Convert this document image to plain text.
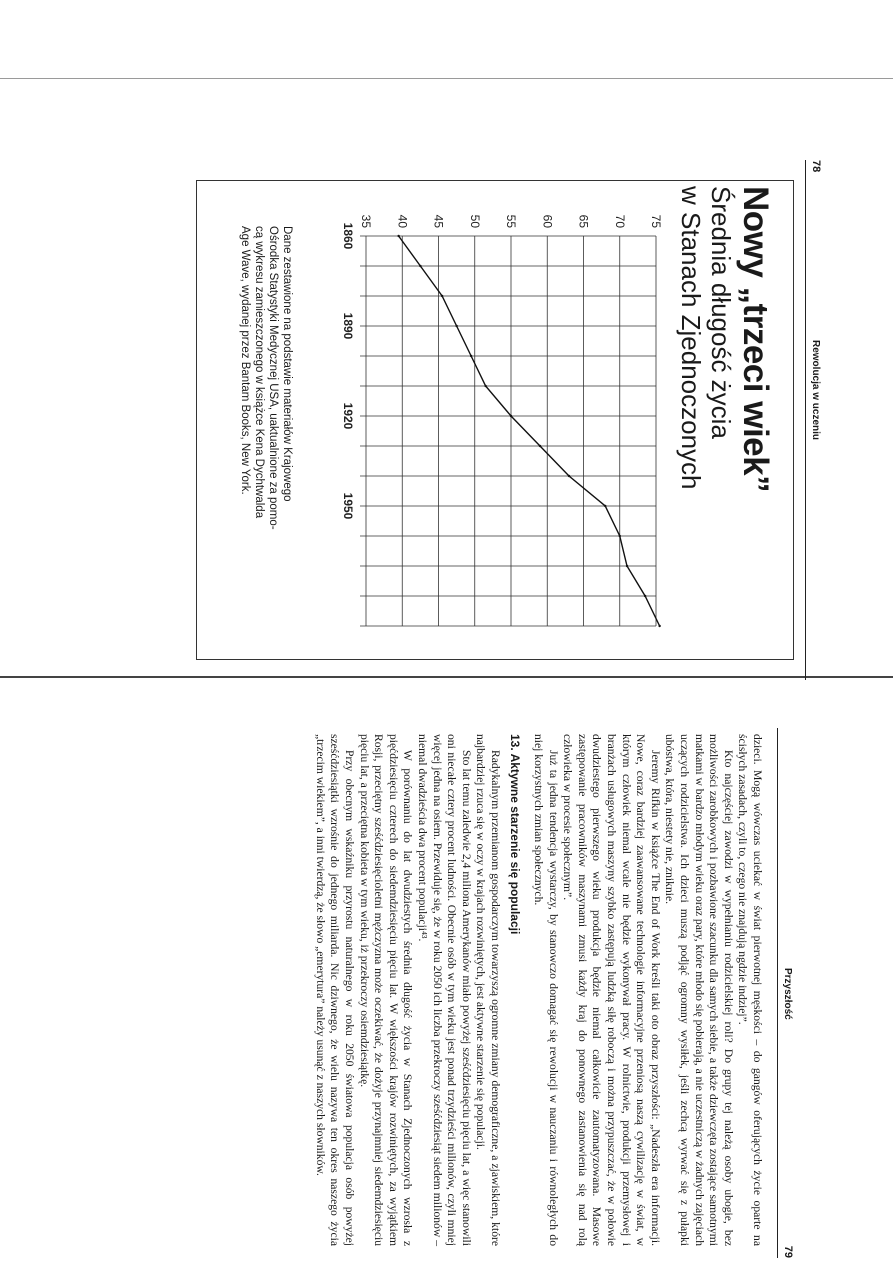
78
Rewolucja w uczeniu
Nowy „trzeci wiek”
Średnia długość życia
w Stanach Zjednoczonych
75
70
65
60
55
50
45
40
35
1860
1890
1920
1950
Dane zestawione na podstawie materiałów Krajowego
Ośrodka Statystyki Medycznej USA, uaktualnione za pomo-
cą wykresu zamieszczonego w książce Kena Dychtwalda
Age Wave, wydanej przez Bantam Books, New York.
Przyszłość
79

dzieci. Mogą wówczas uciekać w świat pierwotnej męskości – do gangów oferujących życie oparte na ścisłych zasadach, czyli to, czego nie znajdują ngdzie indziej”.

Kto najczęściej zawodzi w wypełnianiu rodzicielskiej roli? Do grupy tej należą osoby ubogie, bez możliwości zarobkowych i pozbawione szacunku dla samych siebie, a także dziewczęta zostające samotnymi matkami w bardzo młodym wieku oraz pary, które młodo się pobierają, a nie uczestniczą w żadnych zajęciach uczących rodzicielstwa. Ich dzieci muszą podjąć ogromny wysiłek, jeśli zechcą wyrwać się z pułapki ubóstwa, która, niestety nie, zniknie.

Jeremy Rifkin w książce The End of Work kreśli taki oto obraz przyszłości: „Nadeszła era informacji. Nowe, coraz bardziej zaawansowane technologie informacyjne przeniosą naszą cywilizację w świat, w którym człowiek niemal wcale nie będzie wykonywał pracy. W rolnictwie, produkcji przemysłowej i branżach usługowych maszyny szybko zastępują ludzką siłę roboczą i można przypuszczać, że w połowie dwudziestego pierwszego wieku produkcja będzie niemal całkowicie zautomatyzowana. Masowe zastępowanie pracowników maszynami zmusi każdy kraj do ponownego zastanowienia się nad rolą człowieka w procesie społecznym”.

Już ta jedna tendencja wystarczy, by stanowczo domagać się rewolucji w nauczaniu i równoległych do niej korzystnych zmian społecznych.

13. Aktywne starzenie się populacji

Radykalnym przemianom gospodarczym towarzyszą ogromne zmiany demograficzne, a zjawiskiem, które najbardziej rzuca się w oczy w krajach rozwiniętych, jest aktywne starzenie się populacji.

Sto lat temu zaledwie 2,4 miliona Amerykanów miało powyżej sześćdziesięciu pięciu lat, a więc stanowili oni niecałe cztery procent ludności. Obecnie osób w tym wieku jest ponad trzydzieści milionów, czyli mniej więcej jedna na osiem. Przewiduje się, że w roku 2050 ich liczba przekroczy sześćdziesiąt siedem milionów – niemal dwadzieścia dwa procent populacji⁴³.

W porównaniu do lat dwudziestych średnia długość życia w Stanach Zjednoczonych wzrosła z pięćdziesięciu czterech do siedemdziesięciu pięciu lat. W większości krajów rozwiniętych, za wyjątkiem Rosji, przeciętny sześćdziesięcioletni mężczyzna może oczekiwać, że dożyje przynajmniej siedemdziesięciu pięciu lat, a przeciętna kobieta w tym wieku, iż przekroczy osiemdziesiątkę.

Przy obecnym wskaźniku przyrostu naturalnego w roku 2050 światowa populacja osób powyżej sześćdziesiątki wzrośnie do jednego miliarda. Nic dziwnego, że wielu nazywa ten okres naszego życia „trzecim wiekiem”, a inni twierdzą, że słowo „emerytura” należy usunąć z naszych słowników.
